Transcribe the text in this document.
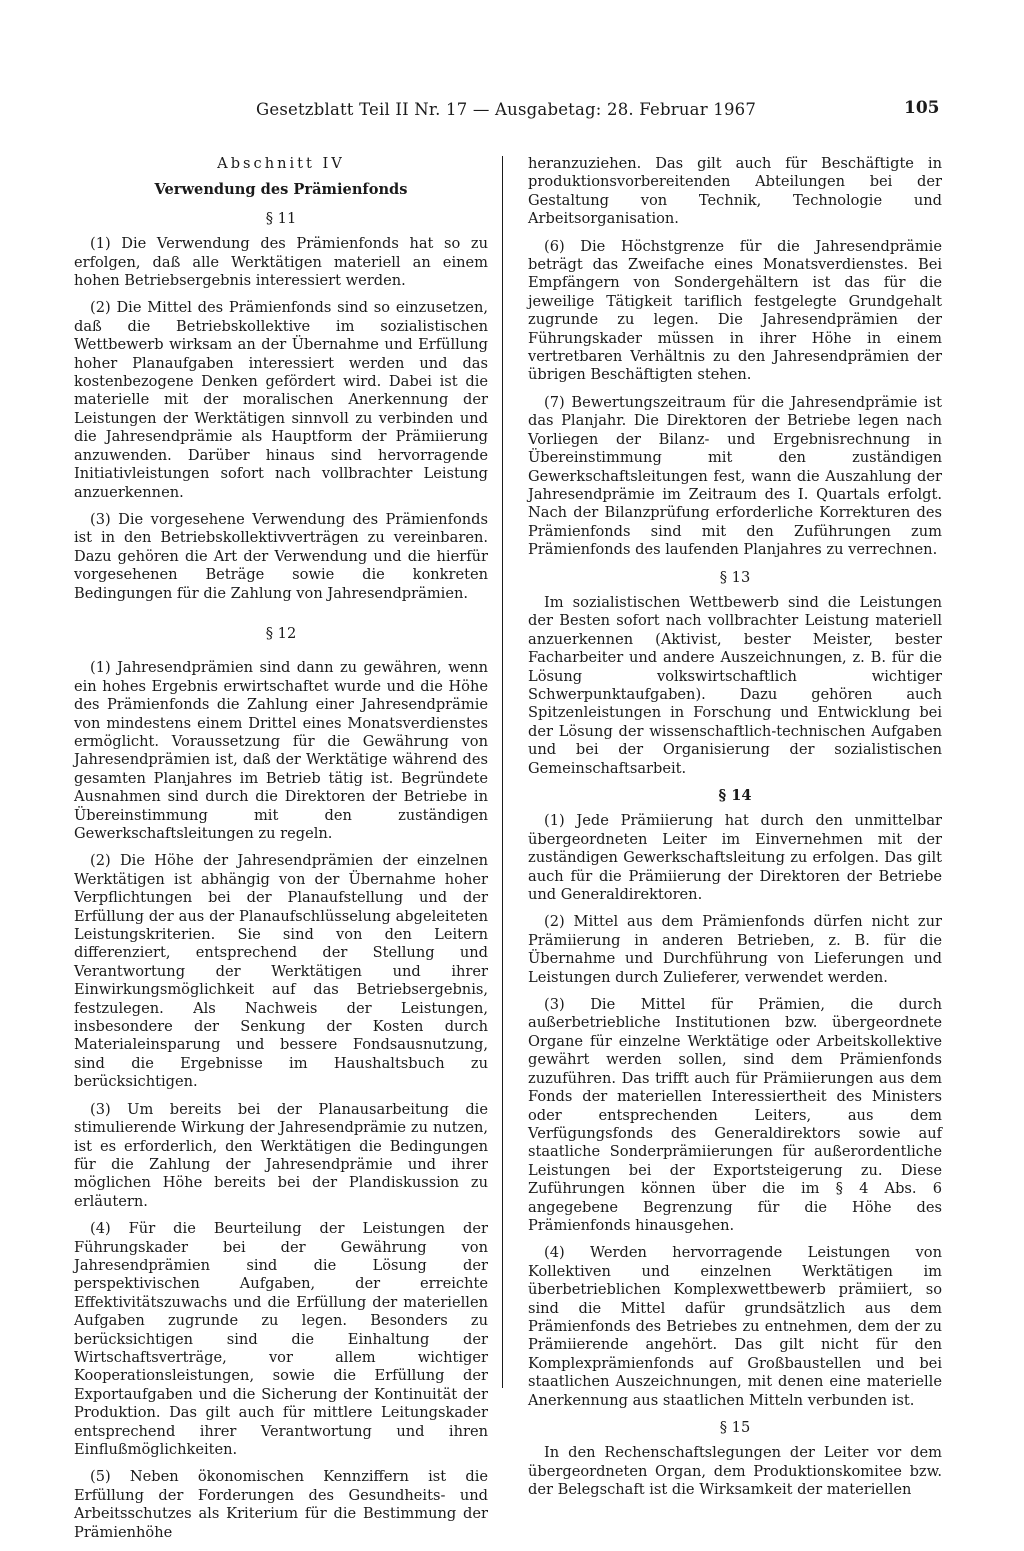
Gesetzblatt Teil II Nr. 17 — Ausgabetag: 28. Februar 1967	105
Abschnitt IV
Verwendung des Prämienfonds
§ 11

(1) Die Verwendung des Prämienfonds hat so zu erfolgen, daß alle Werktätigen materiell an einem hohen Betriebsergebnis interessiert werden.

(2) Die Mittel des Prämienfonds sind so einzusetzen, daß die Betriebskollektive im sozialistischen Wettbewerb wirksam an der Übernahme und Erfüllung hoher Planaufgaben interessiert werden und das kostenbezogene Denken gefördert wird. Dabei ist die materielle mit der moralischen Anerkennung der Leistungen der Werktätigen sinnvoll zu verbinden und die Jahresendprämie als Hauptform der Prämiierung anzuwenden. Darüber hinaus sind hervorragende Initiativleistungen sofort nach vollbrachter Leistung anzuerkennen.

(3) Die vorgesehene Verwendung des Prämienfonds ist in den Betriebskollektivverträgen zu vereinbaren. Dazu gehören die Art der Verwendung und die hierfür vorgesehenen Beträge sowie die konkreten Bedingungen für die Zahlung von Jahresendprämien.

§ 12

(1) Jahresendprämien sind dann zu gewähren, wenn ein hohes Ergebnis erwirtschaftet wurde und die Höhe des Prämienfonds die Zahlung einer Jahresendprämie von mindestens einem Drittel eines Monatsverdienstes ermöglicht. Voraussetzung für die Gewährung von Jahresendprämien ist, daß der Werktätige während des gesamten Planjahres im Betrieb tätig ist. Begründete Ausnahmen sind durch die Direktoren der Betriebe in Übereinstimmung mit den zuständigen Gewerkschaftsleitungen zu regeln.

(2) Die Höhe der Jahresendprämien der einzelnen Werktätigen ist abhängig von der Übernahme hoher Verpflichtungen bei der Planaufstellung und der Erfüllung der aus der Planaufschlüsselung abgeleiteten Leistungskriterien. Sie sind von den Leitern differenziert, entsprechend der Stellung und Verantwortung der Werktätigen und ihrer Einwirkungsmöglichkeit auf das Betriebsergebnis, festzulegen. Als Nachweis der Leistungen, insbesondere der Senkung der Kosten durch Materialeinsparung und bessere Fondsausnutzung, sind die Ergebnisse im Haushaltsbuch zu berücksichtigen.

(3) Um bereits bei der Planausarbeitung die stimulierende Wirkung der Jahresendprämie zu nutzen, ist es erforderlich, den Werktätigen die Bedingungen für die Zahlung der Jahresendprämie und ihrer möglichen Höhe bereits bei der Plandiskussion zu erläutern.

(4) Für die Beurteilung der Leistungen der Führungskader bei der Gewährung von Jahresendprämien sind die Lösung der perspektivischen Aufgaben, der erreichte Effektivitätszuwachs und die Erfüllung der materiellen Aufgaben zugrunde zu legen. Besonders zu berücksichtigen sind die Einhaltung der Wirtschaftsverträge, vor allem wichtiger Kooperationsleistungen, sowie die Erfüllung der Exportaufgaben und die Sicherung der Kontinuität der Produktion. Das gilt auch für mittlere Leitungskader entsprechend ihrer Verantwortung und ihren Einflußmöglichkeiten.

(5) Neben ökonomischen Kennziffern ist die Erfüllung der Forderungen des Gesundheits- und Arbeitsschutzes als Kriterium für die Bestimmung der Prämienhöhe

heranzuziehen. Das gilt auch für Beschäftigte in produktionsvorbereitenden Abteilungen bei der Gestaltung von Technik, Technologie und Arbeitsorganisation.

(6) Die Höchstgrenze für die Jahresendprämie beträgt das Zweifache eines Monatsverdienstes. Bei Empfängern von Sondergehältern ist das für die jeweilige Tätigkeit tariflich festgelegte Grundgehalt zugrunde zu legen. Die Jahresendprämien der Führungskader müssen in ihrer Höhe in einem vertretbaren Verhältnis zu den Jahresendprämien der übrigen Beschäftigten stehen.

(7) Bewertungszeitraum für die Jahresendprämie ist das Planjahr. Die Direktoren der Betriebe legen nach Vorliegen der Bilanz- und Ergebnisrechnung in Übereinstimmung mit den zuständigen Gewerkschaftsleitungen fest, wann die Auszahlung der Jahresendprämie im Zeitraum des I. Quartals erfolgt. Nach der Bilanzprüfung erforderliche Korrekturen des Prämienfonds sind mit den Zuführungen zum Prämienfonds des laufenden Planjahres zu verrechnen.

§ 13

Im sozialistischen Wettbewerb sind die Leistungen der Besten sofort nach vollbrachter Leistung materiell anzuerkennen (Aktivist, bester Meister, bester Facharbeiter und andere Auszeichnungen, z. B. für die Lösung volkswirtschaftlich wichtiger Schwerpunktaufgaben). Dazu gehören auch Spitzenleistungen in Forschung und Entwicklung bei der Lösung der wissenschaftlich-technischen Aufgaben und bei der Organisierung der sozialistischen Gemeinschaftsarbeit.

§ 14

(1) Jede Prämiierung hat durch den unmittelbar übergeordneten Leiter im Einvernehmen mit der zuständigen Gewerkschaftsleitung zu erfolgen. Das gilt auch für die Prämiierung der Direktoren der Betriebe und Generaldirektoren.

(2) Mittel aus dem Prämienfonds dürfen nicht zur Prämiierung in anderen Betrieben, z. B. für die Übernahme und Durchführung von Lieferungen und Leistungen durch Zulieferer, verwendet werden.

(3) Die Mittel für Prämien, die durch außerbetriebliche Institutionen bzw. übergeordnete Organe für einzelne Werktätige oder Arbeitskollektive gewährt werden sollen, sind dem Prämienfonds zuzuführen. Das trifft auch für Prämiierungen aus dem Fonds der materiellen Interessiertheit des Ministers oder entsprechenden Leiters, aus dem Verfügungsfonds des Generaldirektors sowie auf staatliche Sonderprämiierungen für außerordentliche Leistungen bei der Exportsteigerung zu. Diese Zuführungen können über die im § 4 Abs. 6 angegebene Begrenzung für die Höhe des Prämienfonds hinausgehen.

(4) Werden hervorragende Leistungen von Kollektiven und einzelnen Werktätigen im überbetrieblichen Komplexwettbewerb prämiiert, so sind die Mittel dafür grundsätzlich aus dem Prämienfonds des Betriebes zu entnehmen, dem der zu Prämiierende angehört. Das gilt nicht für den Komplexprämienfonds auf Großbaustellen und bei staatlichen Auszeichnungen, mit denen eine materielle Anerkennung aus staatlichen Mitteln verbunden ist.

§ 15

In den Rechenschaftslegungen der Leiter vor dem übergeordneten Organ, dem Produktionskomitee bzw. der Belegschaft ist die Wirksamkeit der materiellen
